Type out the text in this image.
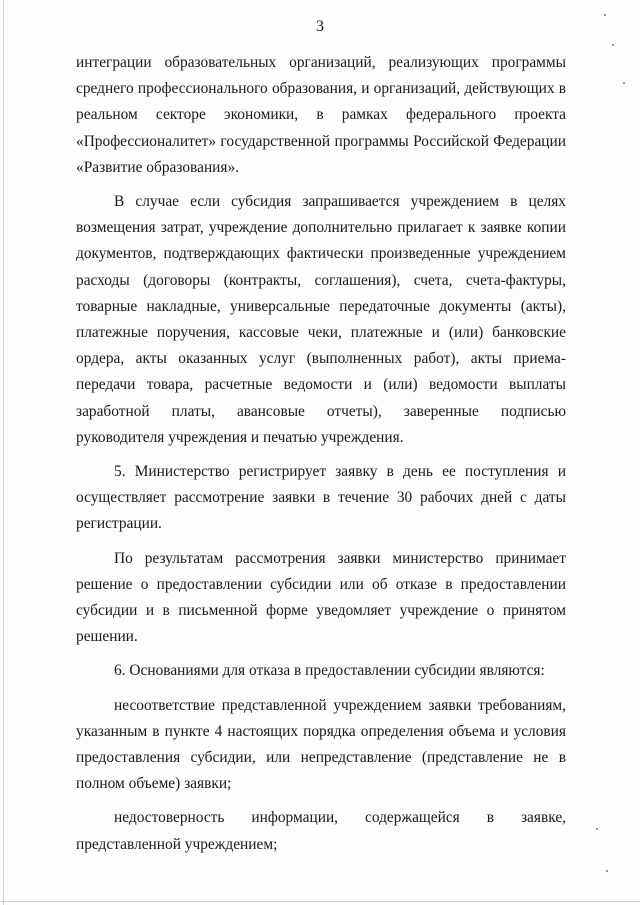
3

интеграции образовательных организаций, реализующих программы среднего профессионального образования, и организаций, действующих в реальном секторе экономики, в рамках федерального проекта «Профессионалитет» государственной программы Российской Федерации «Развитие образования».

В случае если субсидия запрашивается учреждением в целях возмещения затрат, учреждение дополнительно прилагает к заявке копии документов, подтверждающих фактически произведенные учреждением расходы (договоры (контракты, соглашения), счета, счета-фактуры, товарные накладные, универсальные передаточные документы (акты), платежные поручения, кассовые чеки, платежные и (или) банковские ордера, акты оказанных услуг (выполненных работ), акты приема-передачи товара, расчетные ведомости и (или) ведомости выплаты заработной платы, авансовые отчеты), заверенные подписью руководителя учреждения и печатью учреждения.

5. Министерство регистрирует заявку в день ее поступления и осуществляет рассмотрение заявки в течение 30 рабочих дней с даты регистрации.

По результатам рассмотрения заявки министерство принимает решение о предоставлении субсидии или об отказе в предоставлении субсидии и в письменной форме уведомляет учреждение о принятом решении.

6. Основаниями для отказа в предоставлении субсидии являются:

несоответствие представленной учреждением заявки требованиям, указанным в пункте 4 настоящих порядка определения объема и условия предоставления субсидии, или непредставление (представление не в полном объеме) заявки;

недостоверность информации, содержащейся в заявке, представленной учреждением;
